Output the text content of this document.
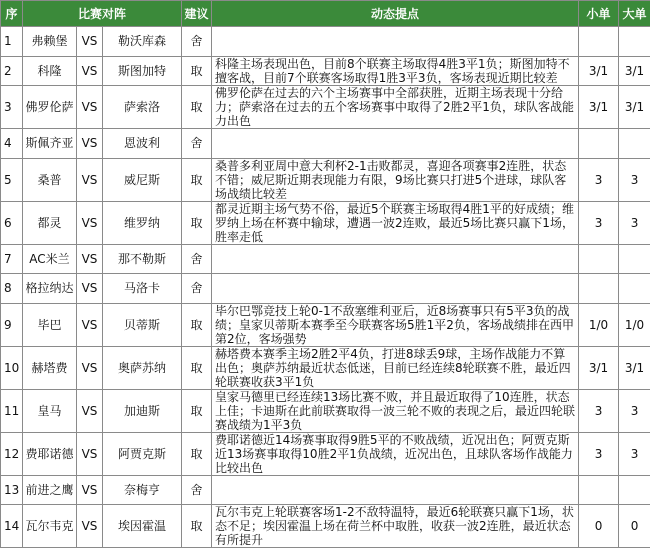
序	比赛对阵			建议	动态提点	小单	大单
1	弗赖堡	VS	勒沃库森	舍			
2	科隆	VS	斯图加特	取	科隆主场表现出色，目前8个联赛主场取得4胜3平1负；斯图加特不擅客战，目前7个联赛客场取得1胜3平3负，客场表现近期比较差	3/1	3/1
3	佛罗伦萨	VS	萨索洛	取	佛罗伦萨在过去的六个主场赛事中全部获胜，近期主场表现十分给力；萨索洛在过去的五个客场赛事中取得了2胜2平1负，球队客战能力出色	3/1	3/1
4	斯佩齐亚	VS	恩波利	舍			
5	桑普	VS	威尼斯	取	桑普多利亚周中意大利杯2-1击败都灵，喜迎各项赛事2连胜，状态不错；威尼斯近期表现能力有限，9场比赛只打进5个进球，球队客场战绩比较差	3	3
6	都灵	VS	维罗纳	取	都灵近期主场气势不俗，最近5个联赛主场取得4胜1平的好成绩；维罗纳上场在杯赛中输球，遭遇一波2连败，最近5场比赛只赢下1场，胜率走低	3	3
7	AC米兰	VS	那不勒斯	舍			
8	格拉纳达	VS	马洛卡	舍			
9	毕巴	VS	贝蒂斯	取	毕尔巴鄂竞技上轮0-1不敌塞维利亚后，近8场赛事只有5平3负的战绩；皇家贝蒂斯本赛季至今联赛客场5胜1平2负，客场战绩排在西甲第2位，客场强势	1/0	1/0
10	赫塔费	VS	奥萨苏纳	取	赫塔费本赛季主场2胜2平4负，打进8球丢9球，主场作战能力不算出色；奥萨苏纳最近状态低迷，目前已经连续8轮联赛不胜，最近四轮联赛收获3平1负	3/1	3/1
11	皇马	VS	加迪斯	取	皇家马德里已经连续13场比赛不败，并且最近取得了10连胜，状态上佳；卡迪斯在此前联赛取得一波三轮不败的表现之后，最近四轮联赛战绩为1平3负	3	3
12	费耶诺德	VS	阿贾克斯	取	费耶诺德近14场赛事取得9胜5平的不败战绩，近况出色；阿贾克斯近13场赛事取得10胜2平1负战绩，近况出色，且球队客场作战能力比较出色	3	3
13	前进之鹰	VS	奈梅亨	舍			
14	瓦尔韦克	VS	埃因霍温	取	瓦尔韦克上轮联赛客场1-2不敌特温特，最近6轮联赛只赢下1场，状态不足；埃因霍温上场在荷兰杯中取胜，收获一波2连胜，最近状态有所提升	0	0
